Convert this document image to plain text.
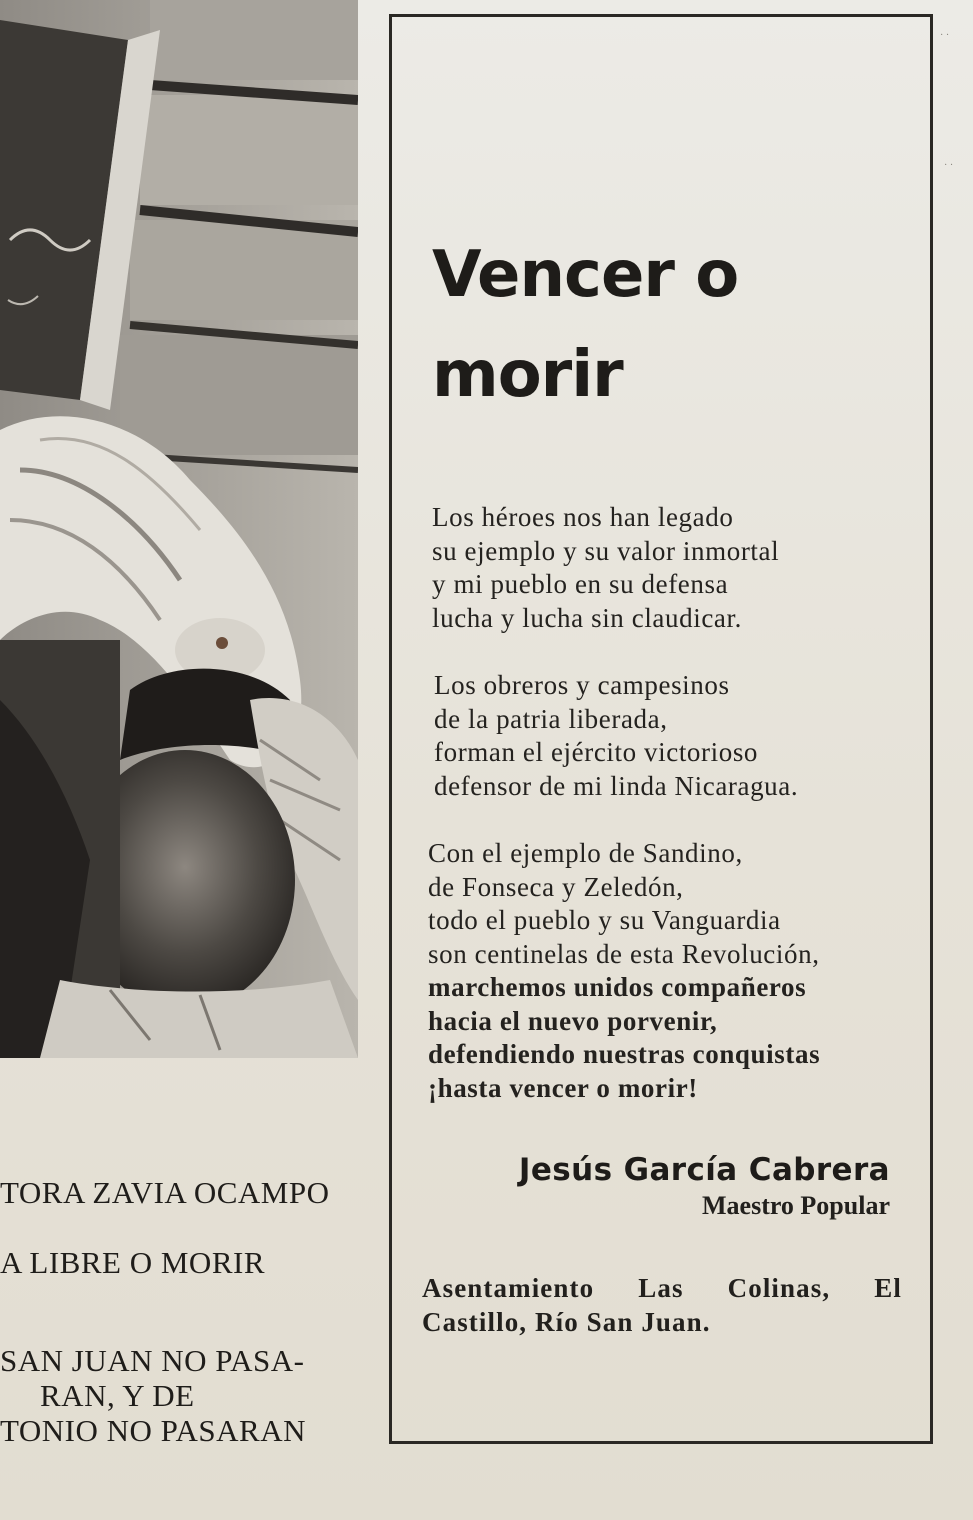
TORA ZAVIA OCAMPO
A LIBRE O MORIR
SAN JUAN NO PASA-
RAN, Y DE
TONIO NO PASARAN
Vencer o
morir
Los héroes nos han legado
su ejemplo y su valor inmortal
y mi pueblo en su defensa
lucha y lucha sin claudicar.
Los obreros y campesinos
de la patria liberada,
forman el ejército victorioso
defensor de mi linda Nicaragua.
Con el ejemplo de Sandino,
de Fonseca y Zeledón,
todo el pueblo y su Vanguardia
son centinelas de esta Revolución,
marchemos unidos compañeros
hacia el nuevo porvenir,
defendiendo nuestras conquistas
¡hasta vencer o morir!
Jesús García Cabrera
Maestro Popular
Asentamiento Las Colinas, El Castillo, Río San Juan.
· ·
· ·
